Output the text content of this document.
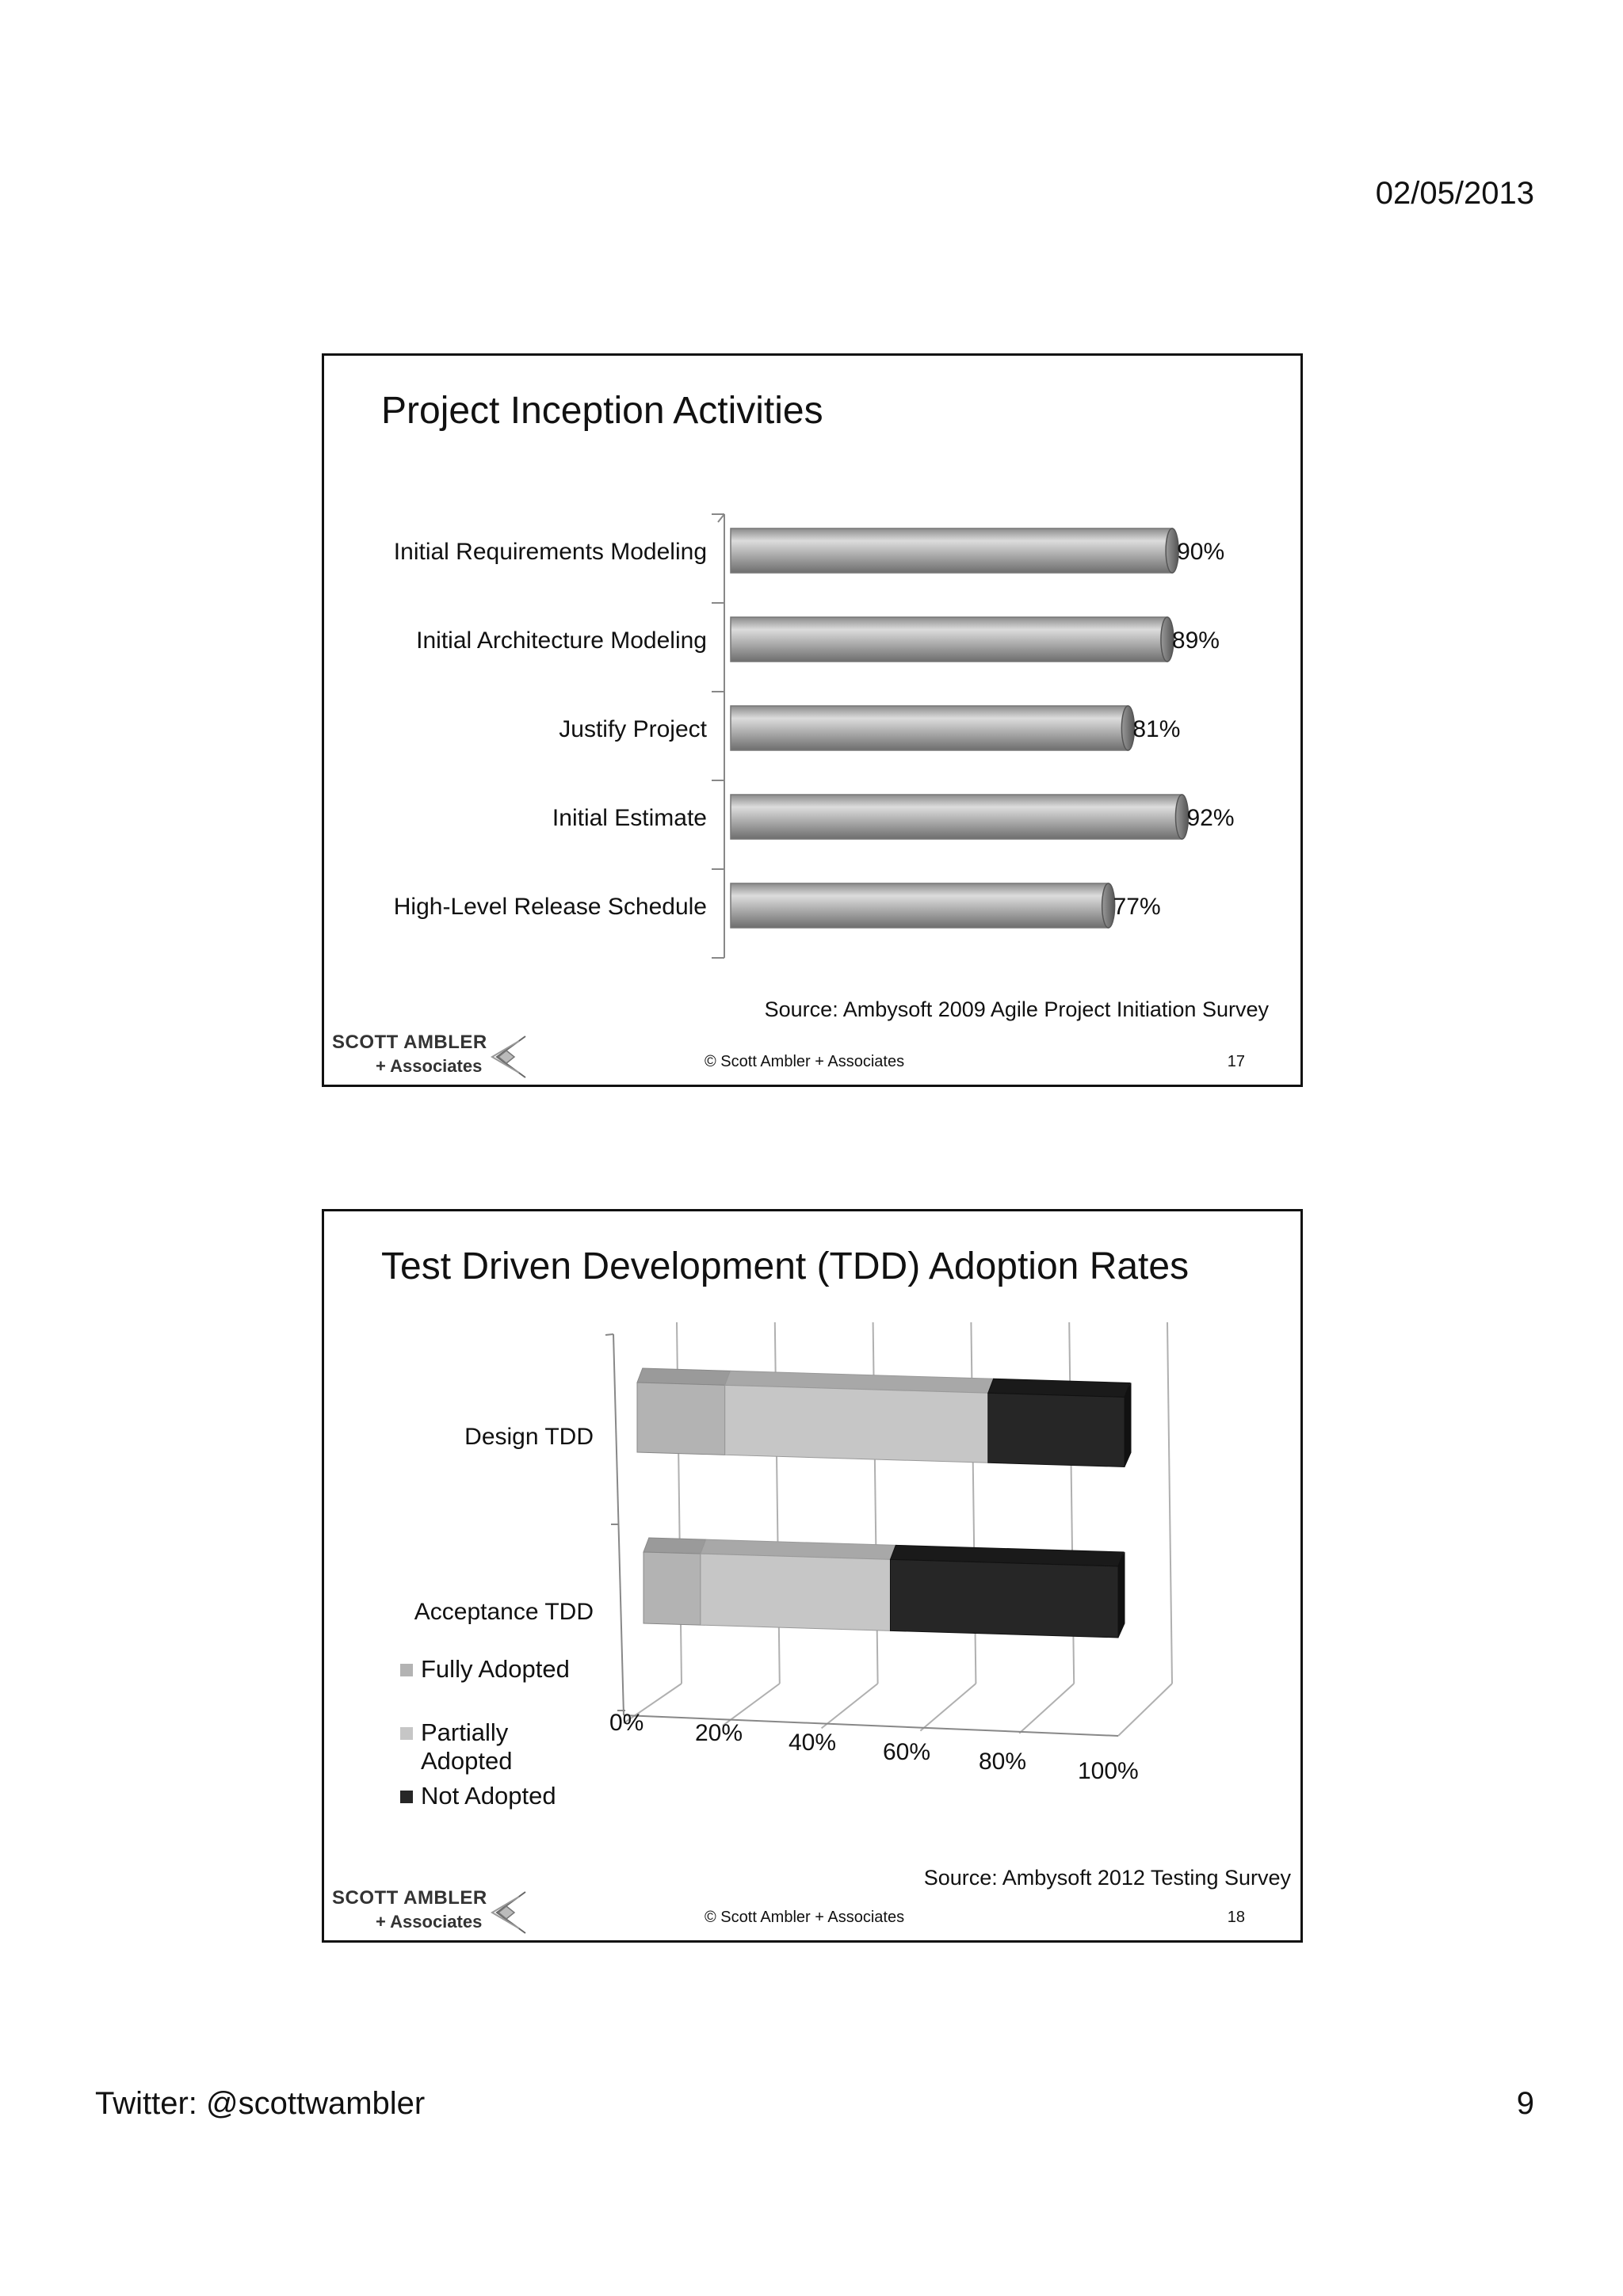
02/05/2013
Project Inception Activities
Initial Requirements Modeling	90%
Initial Architecture Modeling	89%
Justify Project	81%
Initial Estimate	92%
High-Level Release Schedule	77%
Source: Ambysoft 2009 Agile Project Initiation Survey
SCOTT AMBLER
+ Associates	© Scott Ambler + Associates	17
Test Driven Development (TDD) Adoption Rates
0% 20% 40% 60% 80% 100%
Design TDD
Acceptance TDD
Fully Adopted
Partially Adopted
Not Adopted
Source: Ambysoft 2012 Testing Survey
SCOTT AMBLER
+ Associates	© Scott Ambler + Associates	18
Twitter: @scottwambler	9
